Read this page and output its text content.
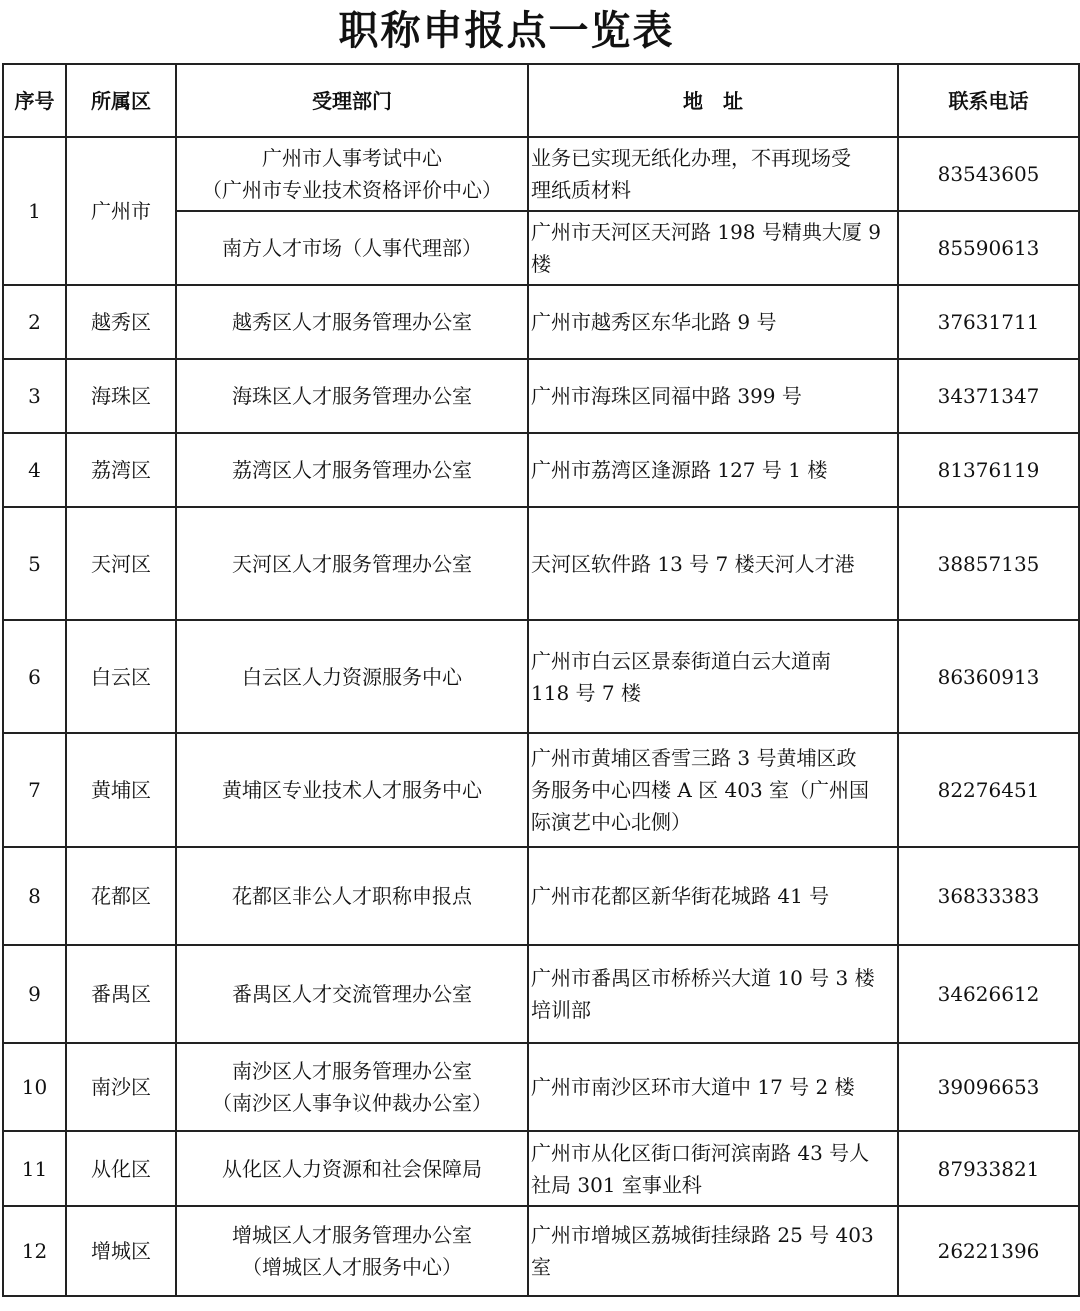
职称申报点一览表
序号	所属区	受理部门	地　址	联系电话
1	广州市	广州市人事考试中心
（广州市专业技术资格评价中心）	业务已实现无纸化办理，不再现场受
理纸质材料	83543605
		南方人才市场（人事代理部）	广州市天河区天河路 198 号精典大厦 9
楼	85590613
2	越秀区	越秀区人才服务管理办公室	广州市越秀区东华北路 9 号	37631711
3	海珠区	海珠区人才服务管理办公室	广州市海珠区同福中路 399 号	34371347
4	荔湾区	荔湾区人才服务管理办公室	广州市荔湾区逢源路 127 号 1 楼	81376119
5	天河区	天河区人才服务管理办公室	天河区软件路 13 号 7 楼天河人才港	38857135
6	白云区	白云区人力资源服务中心	广州市白云区景泰街道白云大道南
118 号 7 楼	86360913
7	黄埔区	黄埔区专业技术人才服务中心	广州市黄埔区香雪三路 3 号黄埔区政
务服务中心四楼 A 区 403 室（广州国
际演艺中心北侧）	82276451
8	花都区	花都区非公人才职称申报点	广州市花都区新华街花城路 41 号	36833383
9	番禺区	番禺区人才交流管理办公室	广州市番禺区市桥桥兴大道 10 号 3 楼
培训部	34626612
10	南沙区	南沙区人才服务管理办公室
（南沙区人事争议仲裁办公室）	广州市南沙区环市大道中 17 号 2 楼	39096653
11	从化区	从化区人力资源和社会保障局	广州市从化区街口街河滨南路 43 号人
社局 301 室事业科	87933821
12	增城区	增城区人才服务管理办公室
（增城区人才服务中心）	广州市增城区荔城街挂绿路 25 号 403
室	26221396
